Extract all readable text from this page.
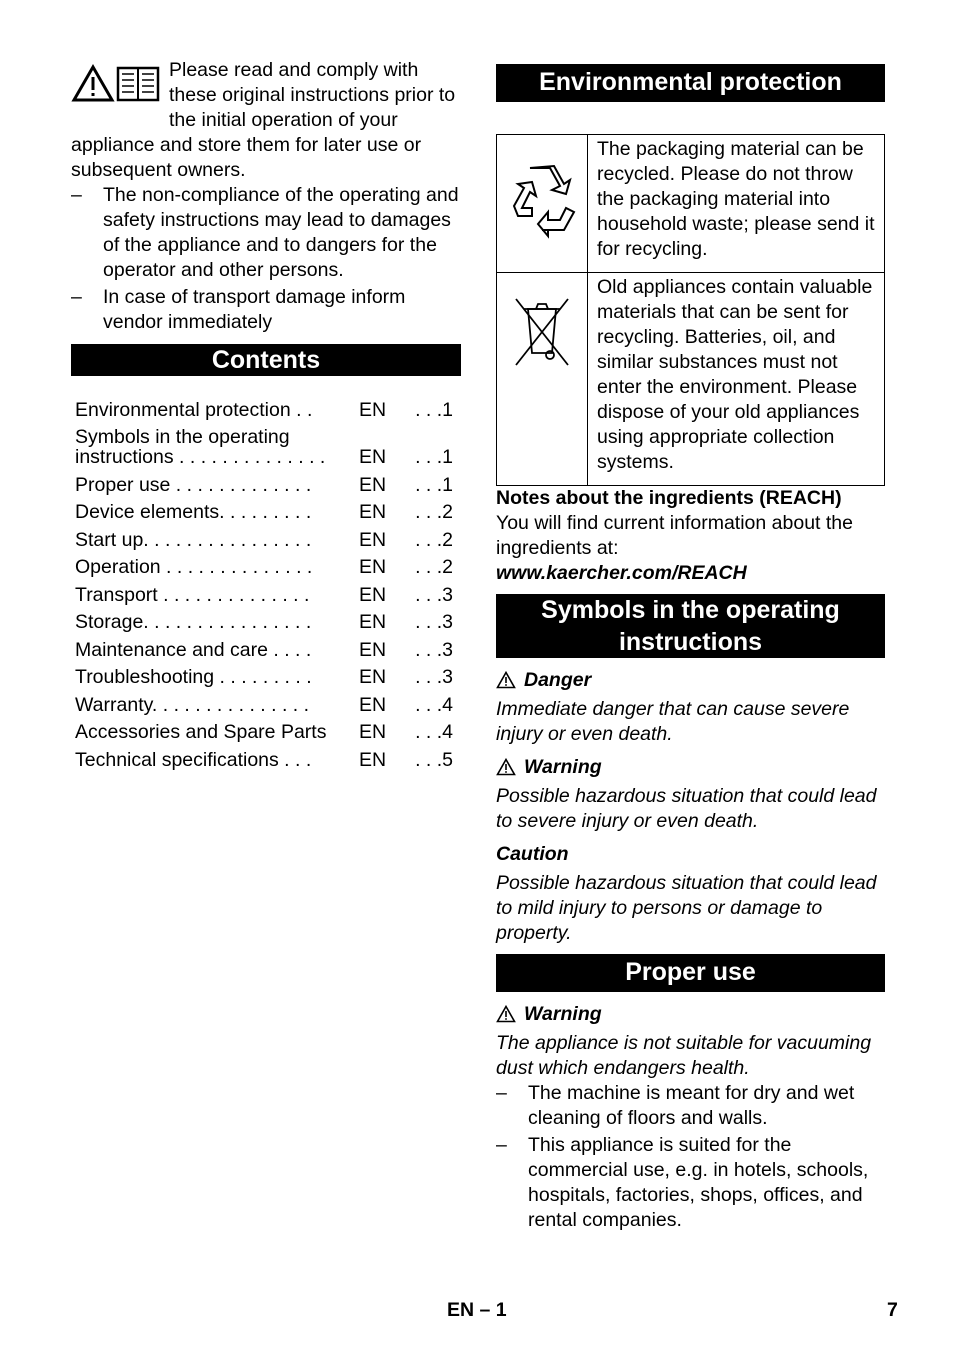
Please read and comply with these original instructions prior to the initial operation of your appliance and store them for later use or subsequent owners.

– The non-compliance of the operating and safety instructions may lead to damages of the appliance and to dangers for the operator and other persons.

– In case of transport damage inform vendor immediately

Contents
Environmental protection . .	EN	. . .1
Symbols in the operating instructions . . . . . . . . . . . . . .	EN	. . .1
Proper use . . . . . . . . . . . . .	EN	. . .1
Device elements. . . . . . . . .	EN	. . .2
Start up. . . . . . . . . . . . . . . .	EN	. . .2
Operation . . . . . . . . . . . . . .	EN	. . .2
Transport . . . . . . . . . . . . . .	EN	. . .3
Storage. . . . . . . . . . . . . . . .	EN	. . .3
Maintenance and care . . . .	EN	. . .3
Troubleshooting . . . . . . . . .	EN	. . .3
Warranty. . . . . . . . . . . . . . .	EN	. . .4
Accessories and Spare Parts	EN	. . .4
Technical specifications . . .	EN	. . .5
Environmental protection
	The packaging material can be recycled. Please do not throw the packaging material into household waste; please send it for recycling.
	Old appliances contain valuable materials that can be sent for recycling. Batteries, oil, and similar substances must not enter the environment. Please dispose of your old appliances using appropriate collection systems.

Notes about the ingredients (REACH)

You will find current information about the ingredients at:

www.kaercher.com/REACH

Symbols in the operating instructions

Danger

Immediate danger that can cause severe injury or even death.

Warning

Possible hazardous situation that could lead to severe injury or even death.

Caution

Possible hazardous situation that could lead to mild injury to persons or damage to property.

Proper use

Warning

The appliance is not suitable for vacuuming dust which endangers health.

– The machine is meant for dry and wet cleaning of floors and walls.

– This appliance is suited for the commercial use, e.g. in hotels, schools, hospitals, factories, shops, offices, and rental companies.

EN – 1	7
